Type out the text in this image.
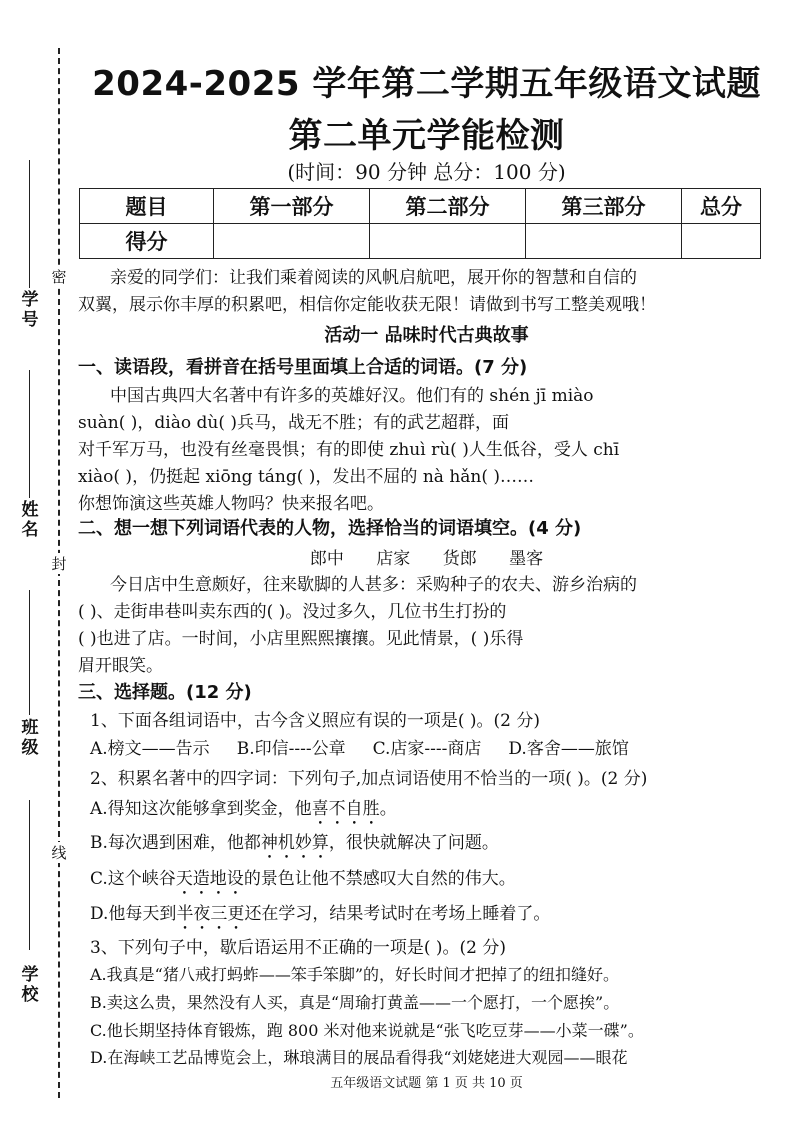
密
封
线
学 号
姓 名
班 级
学 校
2024-2025 学年第二学期五年级语文试题
第二单元学能检测
(时间：90 分钟 总分：100 分)
题目	第一部分	第二部分	第三部分	总分
得分				
亲爱的同学们：让我们乘着阅读的风帆启航吧，展开你的智慧和自信的
双翼，展示你丰厚的积累吧，相信你定能收获无限！请做到书写工整美观哦！
活动一 品味时代古典故事
一、读语段，看拼音在括号里面填上合适的词语。(7 分)
中国古典四大名著中有许多的英雄好汉。他们有的 shén jī miào
suàn( )，diào dù( )兵马，战无不胜；有的武艺超群，面
对千军万马，也没有丝毫畏惧；有的即使 zhuì rù( )人生低谷，受人 chī
xiào( )，仍挺起 xiōng táng( )，发出不屈的 nà hǎn( )……
你想饰演这些英雄人物吗？快来报名吧。
二、想一想下列词语代表的人物，选择恰当的词语填空。(4 分)
郎中      店家      货郎      墨客
今日店中生意颇好，往来歇脚的人甚多：采购种子的农夫、游乡治病的
( )、走街串巷叫卖东西的( )。没过多久，几位书生打扮的
( )也进了店。一时间，小店里熙熙攘攘。见此情景，( )乐得
眉开眼笑。
三、选择题。(12 分)
1、下面各组词语中，古今含义照应有误的一项是( )。(2 分)
A.榜文——告示     B.印信----公章     C.店家----商店     D.客舍——旅馆
2、积累名著中的四字词：下列句子,加点词语使用不恰当的一项( )。(2 分)
A.得知这次能够拿到奖金，他喜不自胜。
B.每次遇到困难，他都神机妙算，很快就解决了问题。
C.这个峡谷天造地设的景色让他不禁感叹大自然的伟大。
D.他每天到半夜三更还在学习，结果考试时在考场上睡着了。
3、下列句子中，歇后语运用不正确的一项是( )。(2 分)
A.我真是“猪八戒打蚂蚱——笨手笨脚”的，好长时间才把掉了的纽扣缝好。
B.卖这么贵，果然没有人买，真是“周瑜打黄盖——一个愿打，一个愿挨”。
C.他长期坚持体育锻炼，跑 800 米对他来说就是“张飞吃豆芽——小菜一碟”。
D.在海峡工艺品博览会上，琳琅满目的展品看得我“刘姥姥进大观园——眼花
五年级语文试题 第 1 页 共 10 页
